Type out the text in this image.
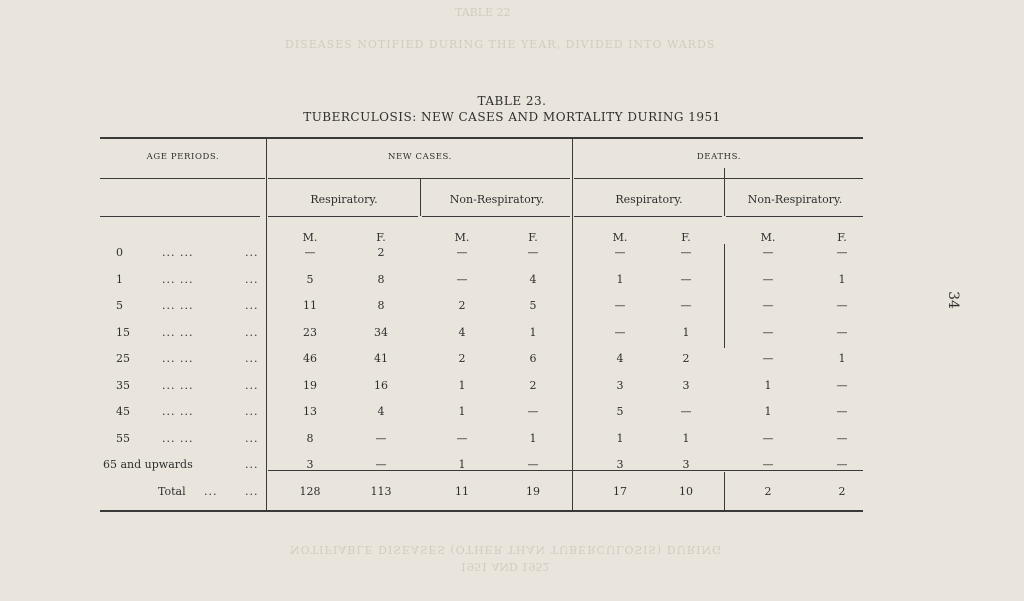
TABLE 22
DISEASES NOTIFIED DURING THE YEAR, DIVIDED INTO WARDS
NOTIFIABLE DISEASES (OTHER THAN TUBERCULOSIS) DURING
1951 AND 1952
TABLE 23.
TUBERCULOSIS: NEW CASES AND MORTALITY DURING 1951
34
AGE PERIODS.	NEW CASES.	DEATHS.
Respiratory.	Non-Respiratory.	Respiratory.	Non-Respiratory.
M.	F.	M.	F.	M.	F.	M.	F.
0	... ...	...	—	2	—	—	—	—	—	—
1	... ...	...	5	8	—	4	1	—	—	1
5	... ...	...	11	8	2	5	—	—	—	—
15	... ...	...	23	34	4	1	—	1	—	—
25	... ...	...	46	41	2	6	4	2	—	1
35	... ...	...	19	16	1	2	3	3	1	—
45	... ...	...	13	4	1	—	5	—	1	—
55	... ...	...	8	—	—	1	1	1	—	—
65 and upwards	...	3	—	1	—	3	3	—	—
Total ...	...	128	113	11	19	17	10	2	2
